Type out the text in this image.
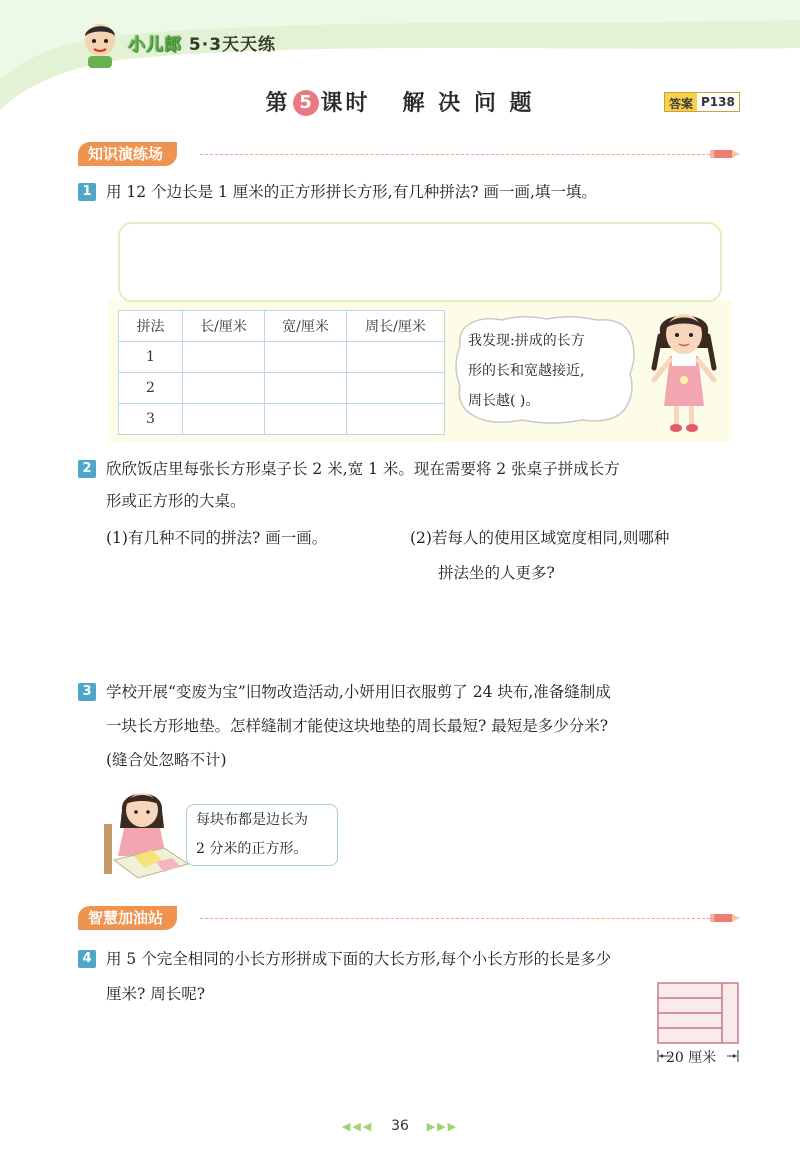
小儿郎 5·3天天练
第 5 课时 解 决 问 题	答案 P138
知识演练场
1 用 12 个边长是 1 厘米的正方形拼长方形,有几种拼法? 画一画,填一填。
拼法	长/厘米	宽/厘米	周长/厘米
1			
2			
3			
我发现:拼成的长方
形的长和宽越接近,
周长越( )。
2 欣欣饭店里每张长方形桌子长 2 米,宽 1 米。现在需要将 2 张桌子拼成长方
形或正方形的大桌。
(1)有几种不同的拼法? 画一画。	(2)若每人的使用区域宽度相同,则哪种
拼法坐的人更多?
3 学校开展“变废为宝”旧物改造活动,小妍用旧衣服剪了 24 块布,准备缝制成
一块长方形地垫。怎样缝制才能使这块地垫的周长最短? 最短是多少分米?
(缝合处忽略不计)
每块布都是边长为
2 分米的正方形。
智慧加油站
4 用 5 个完全相同的小长方形拼成下面的大长方形,每个小长方形的长是多少
厘米? 周长呢?
20 厘米
◀◀◀ 36 ▶▶▶
